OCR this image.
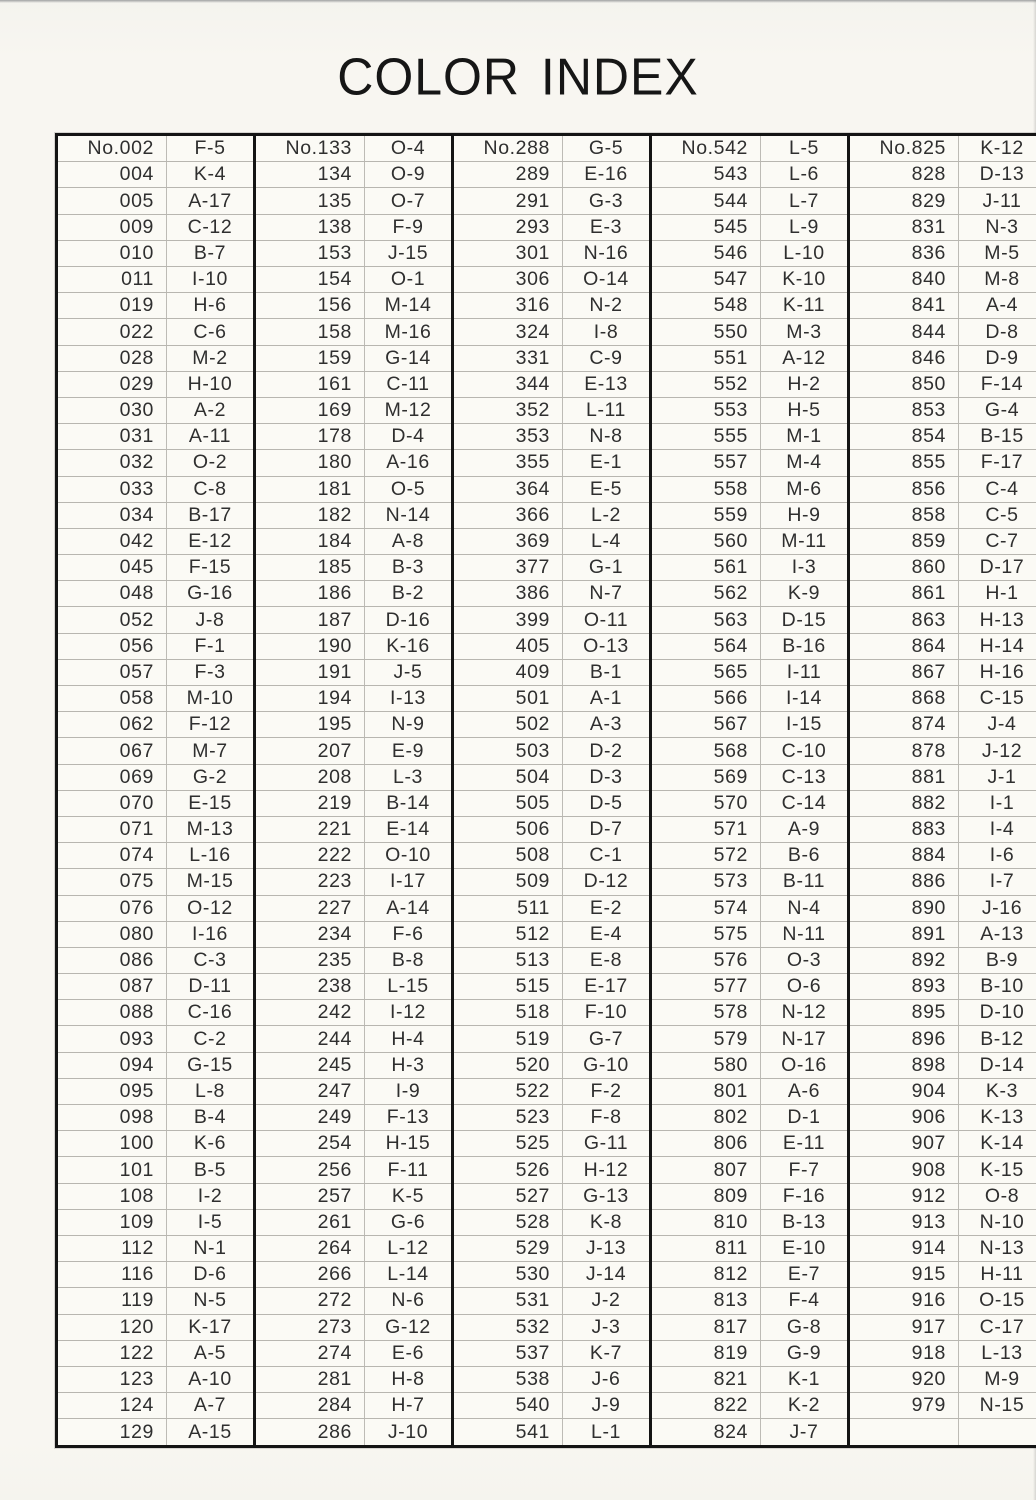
COLOR INDEX
No.002	F-5	No.133	O-4	No.288	G-5	No.542	L-5	No.825	K-12
004	K-4	134	O-9	289	E-16	543	L-6	828	D-13
005	A-17	135	O-7	291	G-3	544	L-7	829	J-11
009	C-12	138	F-9	293	E-3	545	L-9	831	N-3
010	B-7	153	J-15	301	N-16	546	L-10	836	M-5
011	I-10	154	O-1	306	O-14	547	K-10	840	M-8
019	H-6	156	M-14	316	N-2	548	K-11	841	A-4
022	C-6	158	M-16	324	I-8	550	M-3	844	D-8
028	M-2	159	G-14	331	C-9	551	A-12	846	D-9
029	H-10	161	C-11	344	E-13	552	H-2	850	F-14
030	A-2	169	M-12	352	L-11	553	H-5	853	G-4
031	A-11	178	D-4	353	N-8	555	M-1	854	B-15
032	O-2	180	A-16	355	E-1	557	M-4	855	F-17
033	C-8	181	O-5	364	E-5	558	M-6	856	C-4
034	B-17	182	N-14	366	L-2	559	H-9	858	C-5
042	E-12	184	A-8	369	L-4	560	M-11	859	C-7
045	F-15	185	B-3	377	G-1	561	I-3	860	D-17
048	G-16	186	B-2	386	N-7	562	K-9	861	H-1
052	J-8	187	D-16	399	O-11	563	D-15	863	H-13
056	F-1	190	K-16	405	O-13	564	B-16	864	H-14
057	F-3	191	J-5	409	B-1	565	I-11	867	H-16
058	M-10	194	I-13	501	A-1	566	I-14	868	C-15
062	F-12	195	N-9	502	A-3	567	I-15	874	J-4
067	M-7	207	E-9	503	D-2	568	C-10	878	J-12
069	G-2	208	L-3	504	D-3	569	C-13	881	J-1
070	E-15	219	B-14	505	D-5	570	C-14	882	I-1
071	M-13	221	E-14	506	D-7	571	A-9	883	I-4
074	L-16	222	O-10	508	C-1	572	B-6	884	I-6
075	M-15	223	I-17	509	D-12	573	B-11	886	I-7
076	O-12	227	A-14	511	E-2	574	N-4	890	J-16
080	I-16	234	F-6	512	E-4	575	N-11	891	A-13
086	C-3	235	B-8	513	E-8	576	O-3	892	B-9
087	D-11	238	L-15	515	E-17	577	O-6	893	B-10
088	C-16	242	I-12	518	F-10	578	N-12	895	D-10
093	C-2	244	H-4	519	G-7	579	N-17	896	B-12
094	G-15	245	H-3	520	G-10	580	O-16	898	D-14
095	L-8	247	I-9	522	F-2	801	A-6	904	K-3
098	B-4	249	F-13	523	F-8	802	D-1	906	K-13
100	K-6	254	H-15	525	G-11	806	E-11	907	K-14
101	B-5	256	F-11	526	H-12	807	F-7	908	K-15
108	I-2	257	K-5	527	G-13	809	F-16	912	O-8
109	I-5	261	G-6	528	K-8	810	B-13	913	N-10
112	N-1	264	L-12	529	J-13	811	E-10	914	N-13
116	D-6	266	L-14	530	J-14	812	E-7	915	H-11
119	N-5	272	N-6	531	J-2	813	F-4	916	O-15
120	K-17	273	G-12	532	J-3	817	G-8	917	C-17
122	A-5	274	E-6	537	K-7	819	G-9	918	L-13
123	A-10	281	H-8	538	J-6	821	K-1	920	M-9
124	A-7	284	H-7	540	J-9	822	K-2	979	N-15
129	A-15	286	J-10	541	L-1	824	J-7		
